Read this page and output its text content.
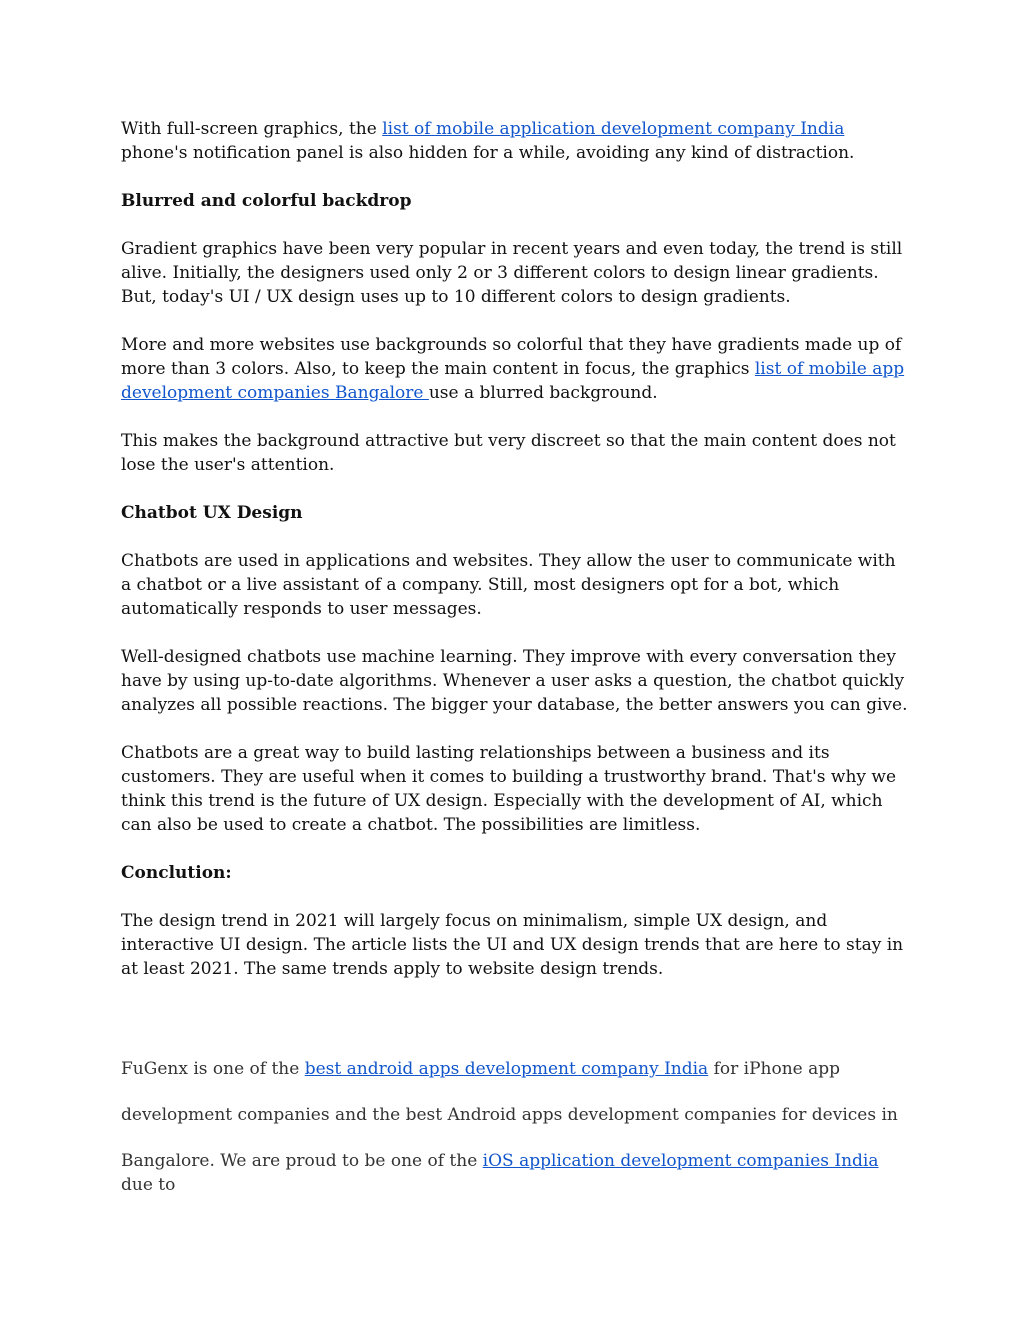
With full-screen graphics, the list of mobile application development company India phone's notification panel is also hidden for a while, avoiding any kind of distraction.

Blurred and colorful backdrop

Gradient graphics have been very popular in recent years and even today, the trend is still alive. Initially, the designers used only 2 or 3 different colors to design linear gradients. But, today's UI / UX design uses up to 10 different colors to design gradients.

More and more websites use backgrounds so colorful that they have gradients made up of more than 3 colors. Also, to keep the main content in focus, the graphics list of mobile app development companies Bangalore use a blurred background.

This makes the background attractive but very discreet so that the main content does not lose the user's attention.

Chatbot UX Design

Chatbots are used in applications and websites. They allow the user to communicate with a chatbot or a live assistant of a company. Still, most designers opt for a bot, which automatically responds to user messages.

Well-designed chatbots use machine learning. They improve with every conversation they have by using up-to-date algorithms. Whenever a user asks a question, the chatbot quickly analyzes all possible reactions. The bigger your database, the better answers you can give.

Chatbots are a great way to build lasting relationships between a business and its customers. They are useful when it comes to building a trustworthy brand. That's why we think this trend is the future of UX design. Especially with the development of AI, which can also be used to create a chatbot. The possibilities are limitless.

Conclution:

The design trend in 2021 will largely focus on minimalism, simple UX design, and interactive UI design. The article lists the UI and UX design trends that are here to stay in at least 2021. The same trends apply to website design trends.

FuGenx is one of the best android apps development company India for iPhone app

development companies and the best Android apps development companies for devices in

Bangalore. We are proud to be one of the iOS application development companies India due to
